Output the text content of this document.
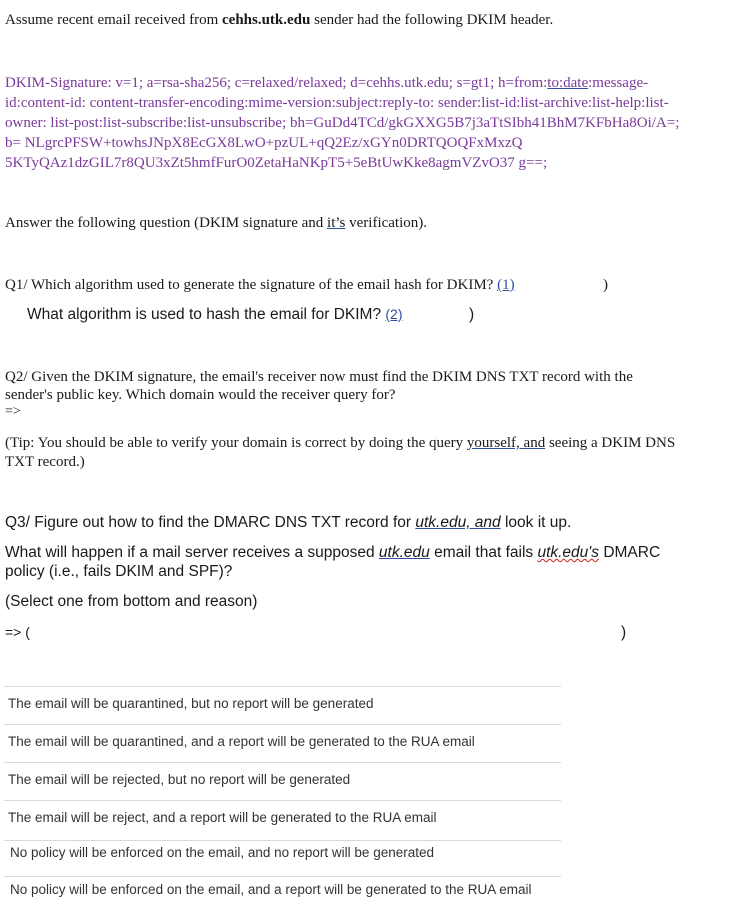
Assume recent email received from cehhs.utk.edu sender had the following DKIM header.
DKIM-Signature: v=1; a=rsa-sha256; c=relaxed/relaxed; d=cehhs.utk.edu; s=gt1; h=from:to:date:message-
id:content-id: content-transfer-encoding:mime-version:subject:reply-to: sender:list-id:list-archive:list-help:list-
owner: list-post:list-subscribe:list-unsubscribe; bh=GuDd4TCd/gkGXXG5B7j3aTtSIbh41BhM7KFbHa8Oi/A=;
b= NLgrcPFSW+towhsJNpX8EcGX8LwO+pzUL+qQ2Ez/xGYn0DRTQOQFxMxzQ
5KTyQAz1dzGIL7r8QU3xZt5hmfFurO0ZetaHaNKpT5+5eBtUwKke8agmVZvO37 g==;
Answer the following question (DKIM signature and it’s verification).
Q1/ Which algorithm used to generate the signature of the email hash for DKIM? (1)	)
What algorithm is used to hash the email for DKIM? (2)	)
Q2/ Given the DKIM signature, the email's receiver now must find the DKIM DNS TXT record with the
sender's public key. Which domain would the receiver query for?
=>
(Tip: You should be able to verify your domain is correct by doing the query yourself, and seeing a DKIM DNS
TXT record.)
Q3/ Figure out how to find the DMARC DNS TXT record for utk.edu, and look it up.
What will happen if a mail server receives a supposed utk.edu email that fails utk.edu's DMARC
policy (i.e., fails DKIM and SPF)?
(Select one from bottom and reason)
=> (	)
The email will be quarantined, but no report will be generated
The email will be quarantined, and a report will be generated to the RUA email
The email will be rejected, but no report will be generated
The email will be reject, and a report will be generated to the RUA email
No policy will be enforced on the email, and no report will be generated
No policy will be enforced on the email, and a report will be generated to the RUA email
